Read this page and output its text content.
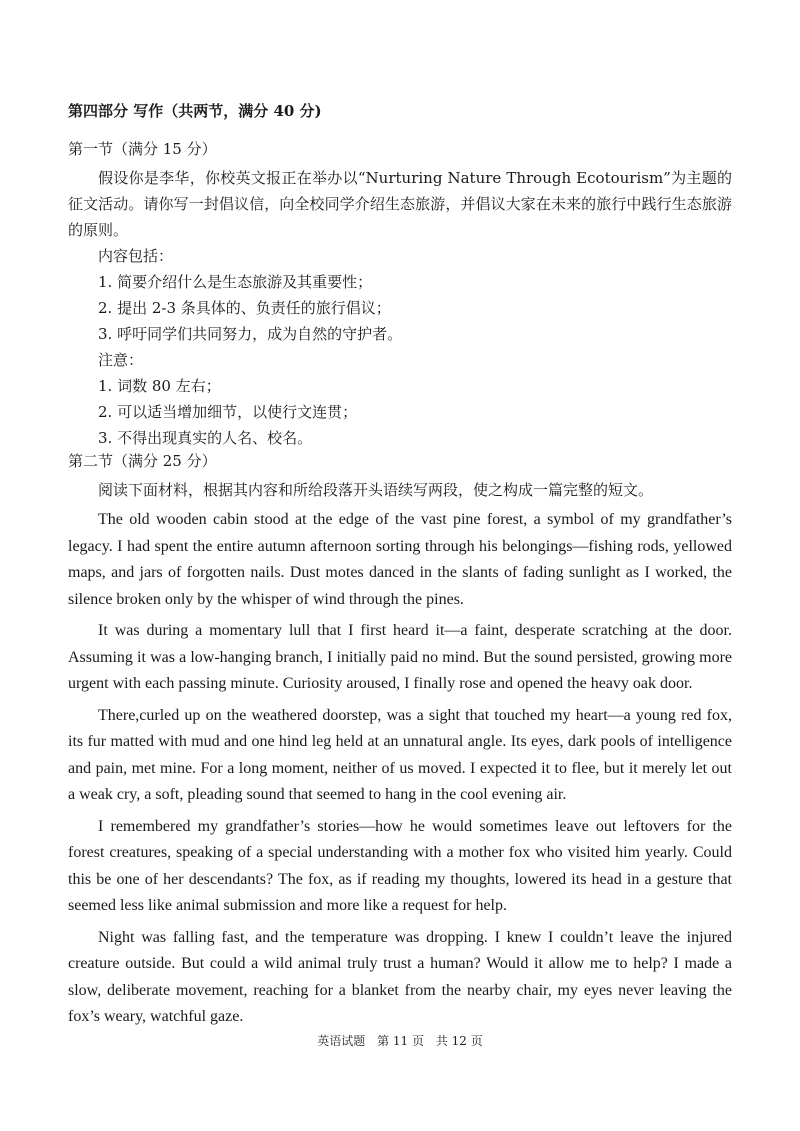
第四部分 写作（共两节，满分 40 分)

第一节（满分 15 分）

假设你是李华，你校英文报正在举办以“Nurturing Nature Through Ecotourism”为主题的征文活动。请你写一封倡议信，向全校同学介绍生态旅游，并倡议大家在未来的旅行中践行生态旅游的原则。

内容包括：

1. 简要介绍什么是生态旅游及其重要性；

2. 提出 2-3 条具体的、负责任的旅行倡议；

3. 呼吁同学们共同努力，成为自然的守护者。

注意：

1. 词数 80 左右；

2. 可以适当增加细节，以使行文连贯；

3. 不得出现真实的人名、校名。

第二节（满分 25 分）

阅读下面材料，根据其内容和所给段落开头语续写两段，使之构成一篇完整的短文。

The old wooden cabin stood at the edge of the vast pine forest, a symbol of my grandfather’s legacy. I had spent the entire autumn afternoon sorting through his belongings—fishing rods, yellowed maps, and jars of forgotten nails. Dust motes danced in the slants of fading sunlight as I worked, the silence broken only by the whisper of wind through the pines.

It was during a momentary lull that I first heard it—a faint, desperate scratching at the door. Assuming it was a low-hanging branch, I initially paid no mind. But the sound persisted, growing more urgent with each passing minute. Curiosity aroused, I finally rose and opened the heavy oak door.

There,curled up on the weathered doorstep, was a sight that touched my heart—a young red fox, its fur matted with mud and one hind leg held at an unnatural angle. Its eyes, dark pools of intelligence and pain, met mine. For a long moment, neither of us moved. I expected it to flee, but it merely let out a weak cry, a soft, pleading sound that seemed to hang in the cool evening air.

I remembered my grandfather’s stories—how he would sometimes leave out leftovers for the forest creatures, speaking of a special understanding with a mother fox who visited him yearly. Could this be one of her descendants? The fox, as if reading my thoughts, lowered its head in a gesture that seemed less like animal submission and more like a request for help.

Night was falling fast, and the temperature was dropping. I knew I couldn’t leave the injured creature outside. But could a wild animal truly trust a human? Would it allow me to help? I made a slow, deliberate movement, reaching for a blanket from the nearby chair, my eyes never leaving the fox’s weary, watchful gaze.

英语试题 第 11 页 共 12 页
